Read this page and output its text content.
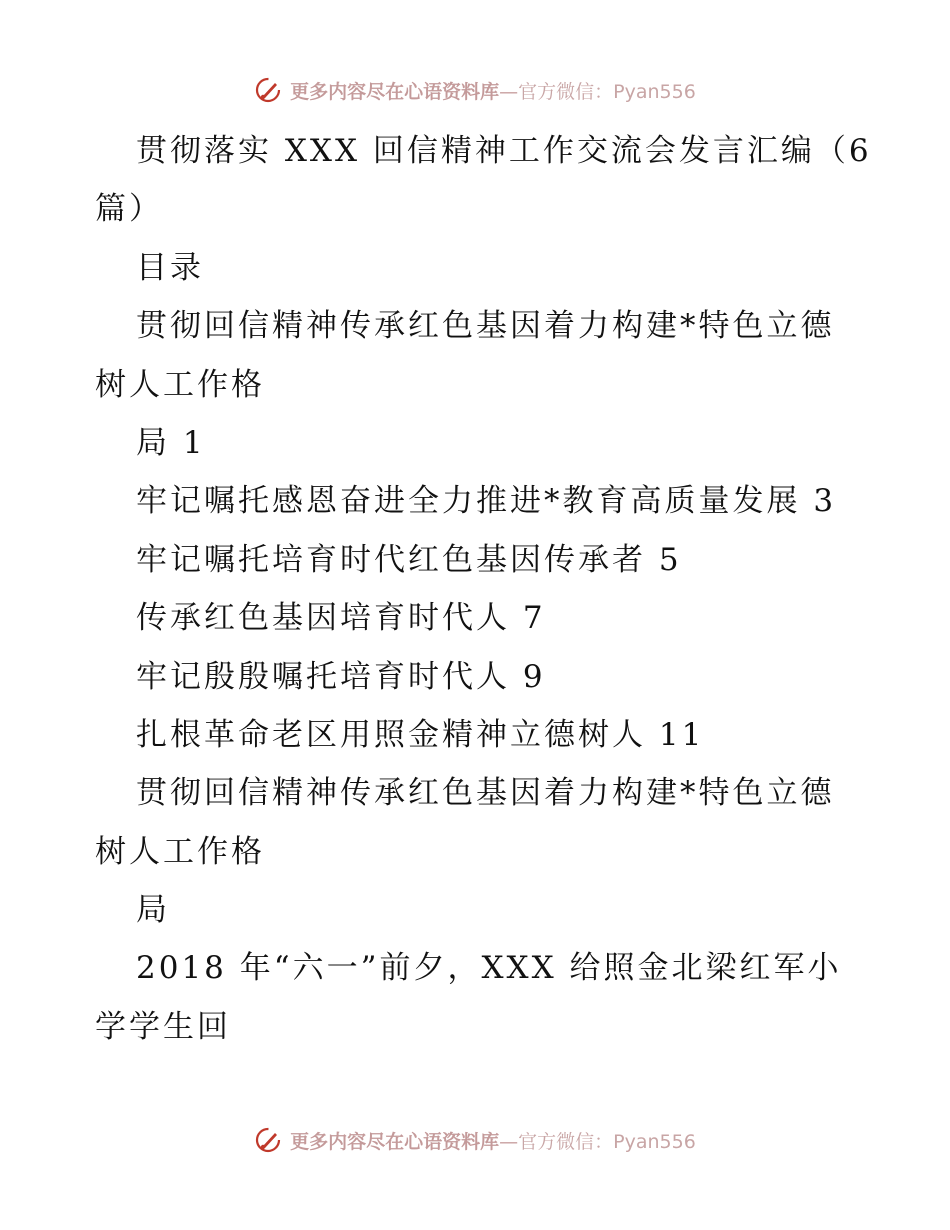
更多内容尽在心语资料库—官方微信：Pyan556
贯彻落实 XXX 回信精神工作交流会发言汇编（6
篇）
目录
贯彻回信精神传承红色基因着力构建*特色立德
树人工作格
局 1
牢记嘱托感恩奋进全力推进*教育高质量发展 3
牢记嘱托培育时代红色基因传承者 5
传承红色基因培育时代人 7
牢记殷殷嘱托培育时代人 9
扎根革命老区用照金精神立德树人 11
贯彻回信精神传承红色基因着力构建*特色立德
树人工作格
局
2018 年“六一”前夕，XXX 给照金北梁红军小
学学生回
更多内容尽在心语资料库—官方微信：Pyan556
